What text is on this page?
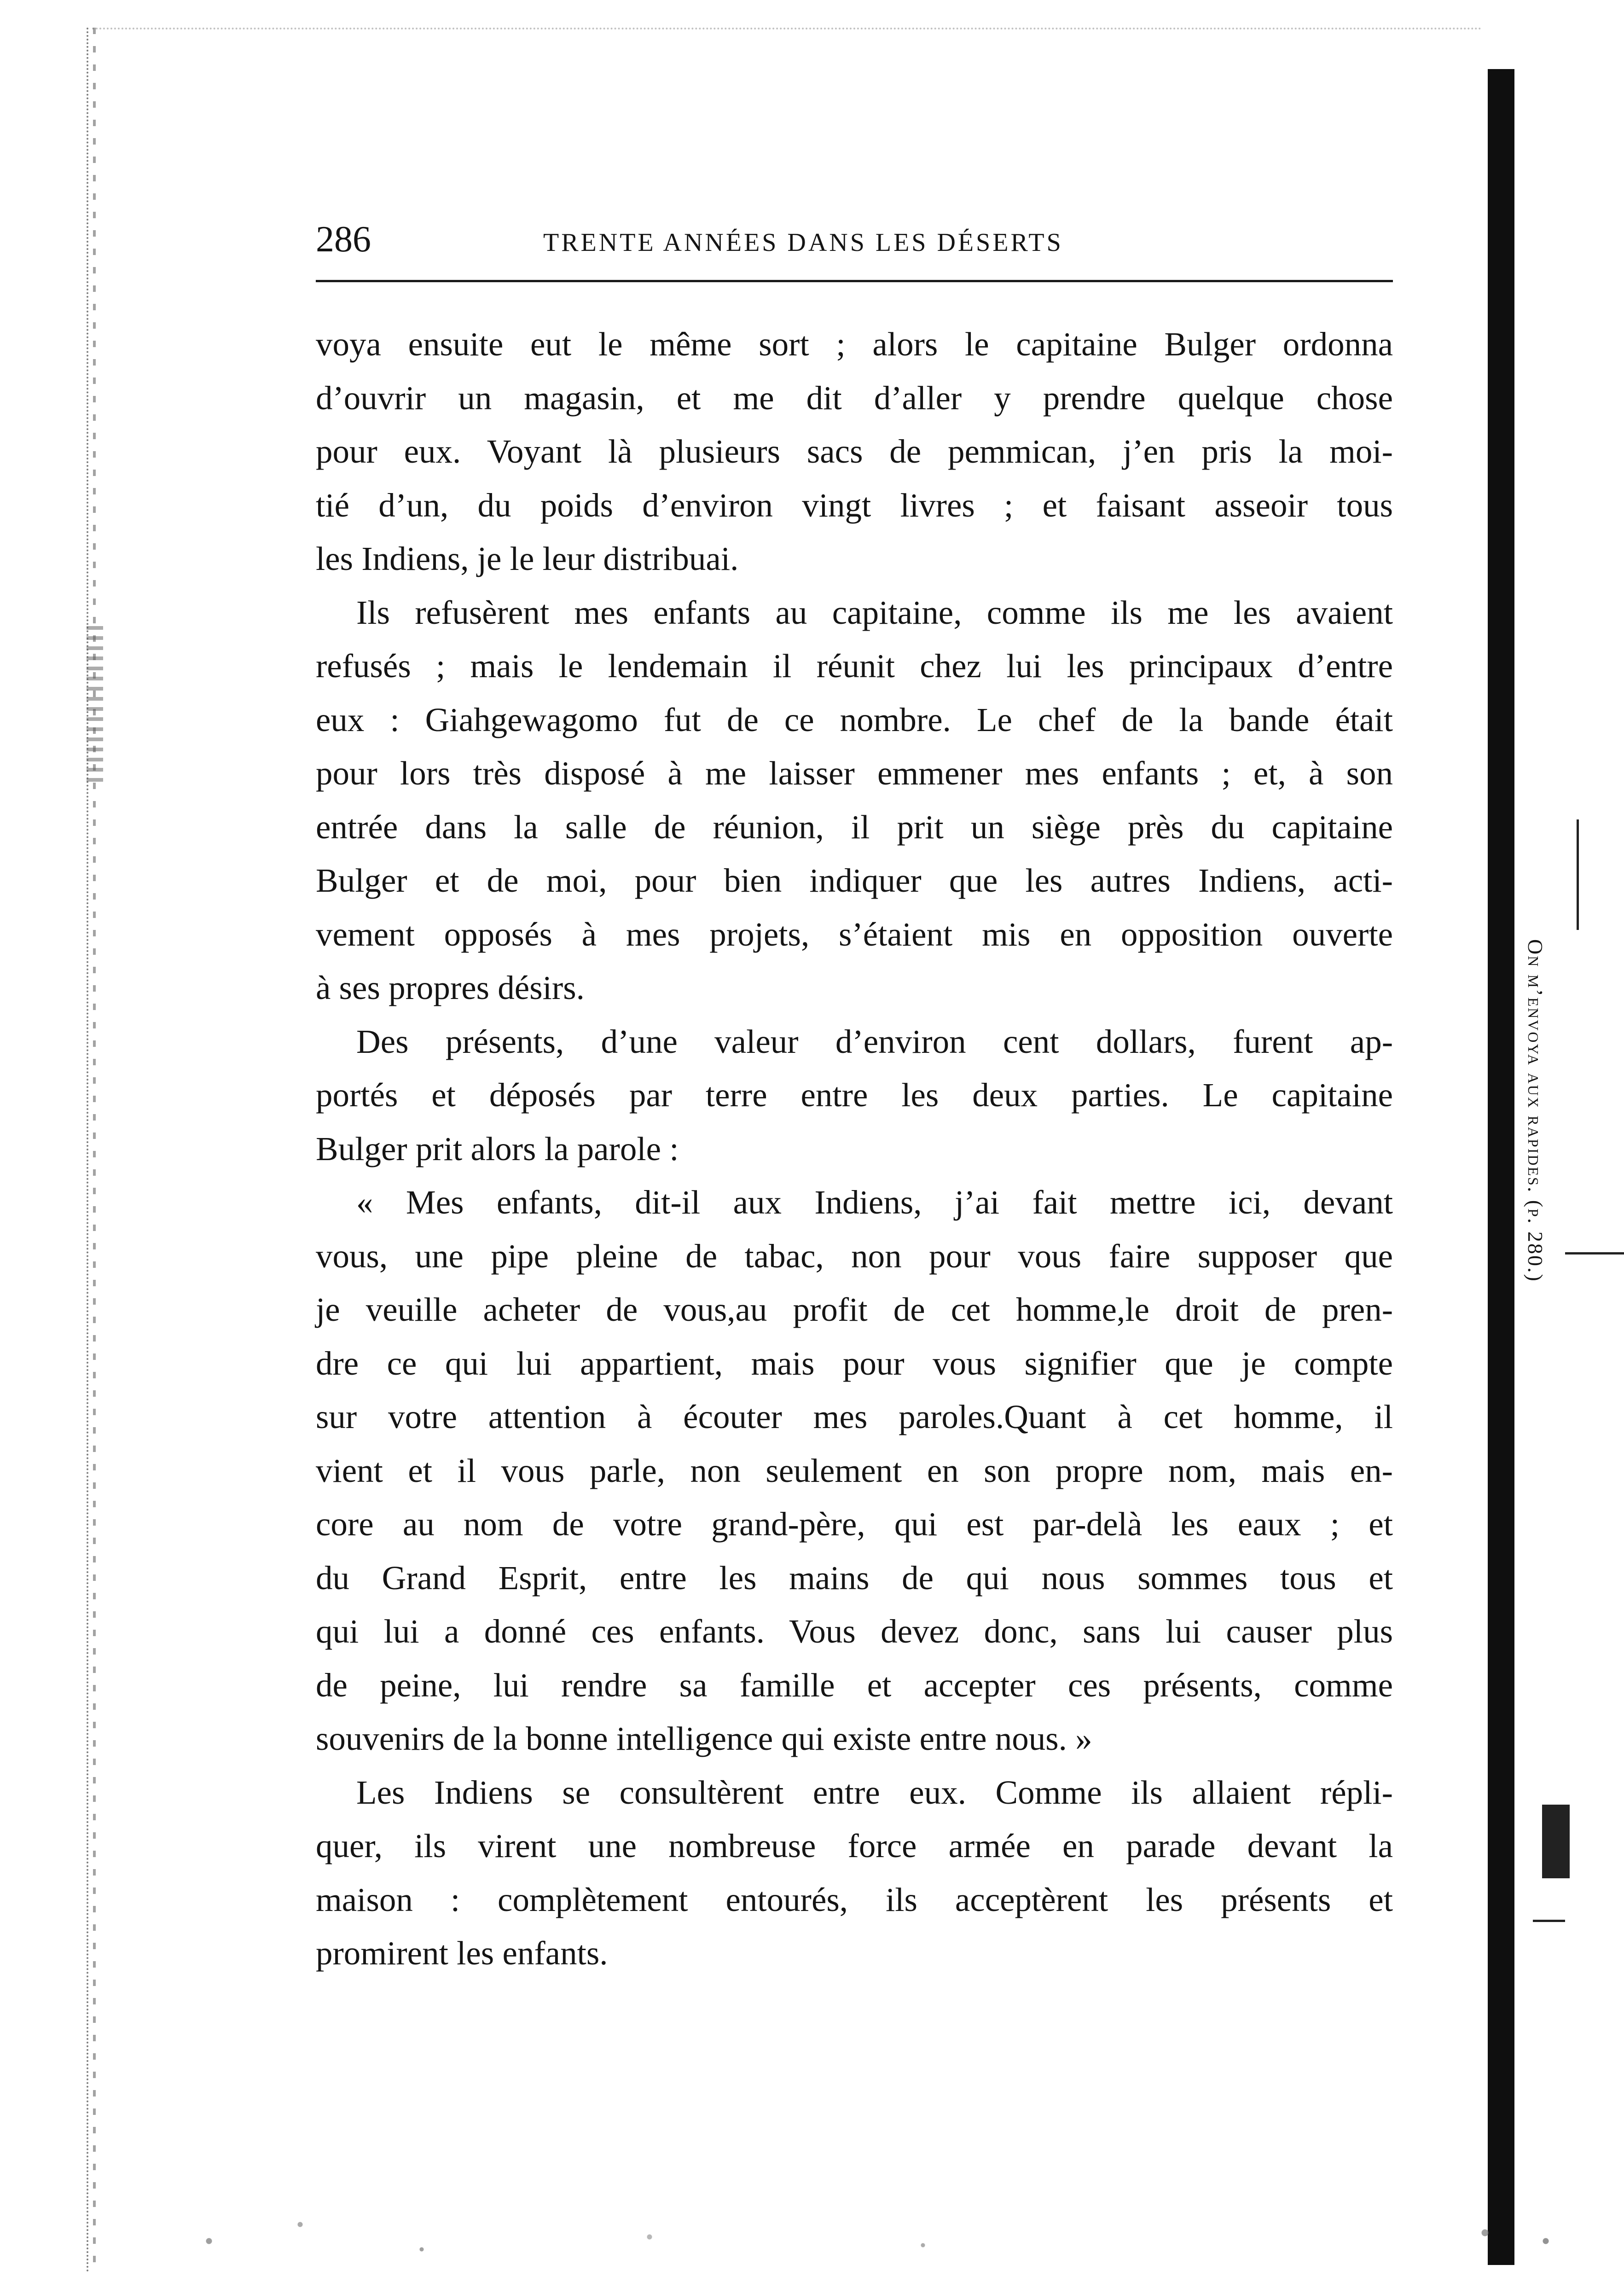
286	TRENTE ANNÉES DANS LES DÉSERTS
voya ensuite eut le même sort ; alors le capitaine Bulger ordonna
d’ouvrir un magasin, et me dit d’aller y prendre quelque chose
pour eux. Voyant là plusieurs sacs de pemmican, j’en pris la moi-
tié d’un, du poids d’environ vingt livres ; et faisant asseoir tous
les Indiens, je le leur distribuai.
Ils refusèrent mes enfants au capitaine, comme ils me les avaient
refusés ; mais le lendemain il réunit chez lui les principaux d’entre
eux : Giahgewagomo fut de ce nombre. Le chef de la bande était
pour lors très disposé à me laisser emmener mes enfants ; et, à son
entrée dans la salle de réunion, il prit un siège près du capitaine
Bulger et de moi, pour bien indiquer que les autres Indiens, acti-
vement opposés à mes projets, s’étaient mis en opposition ouverte
à ses propres désirs.
Des présents, d’une valeur d’environ cent dollars, furent ap-
portés et déposés par terre entre les deux parties. Le capitaine
Bulger prit alors la parole :
« Mes enfants, dit-il aux Indiens, j’ai fait mettre ici, devant
vous, une pipe pleine de tabac, non pour vous faire supposer que
je veuille acheter de vous,au profit de cet homme,le droit de pren-
dre ce qui lui appartient, mais pour vous signifier que je compte
sur votre attention à écouter mes paroles.Quant à cet homme, il
vient et il vous parle, non seulement en son propre nom, mais en-
core au nom de votre grand-père, qui est par-delà les eaux ; et
du Grand Esprit, entre les mains de qui nous sommes tous et
qui lui a donné ces enfants. Vous devez donc, sans lui causer plus
de peine, lui rendre sa famille et accepter ces présents, comme
souvenirs de la bonne intelligence qui existe entre nous. »
Les Indiens se consultèrent entre eux. Comme ils allaient répli-
quer, ils virent une nombreuse force armée en parade devant la
maison : complètement entourés, ils acceptèrent les présents et
promirent les enfants.
On m’envoya aux rapides. (p. 280.)
